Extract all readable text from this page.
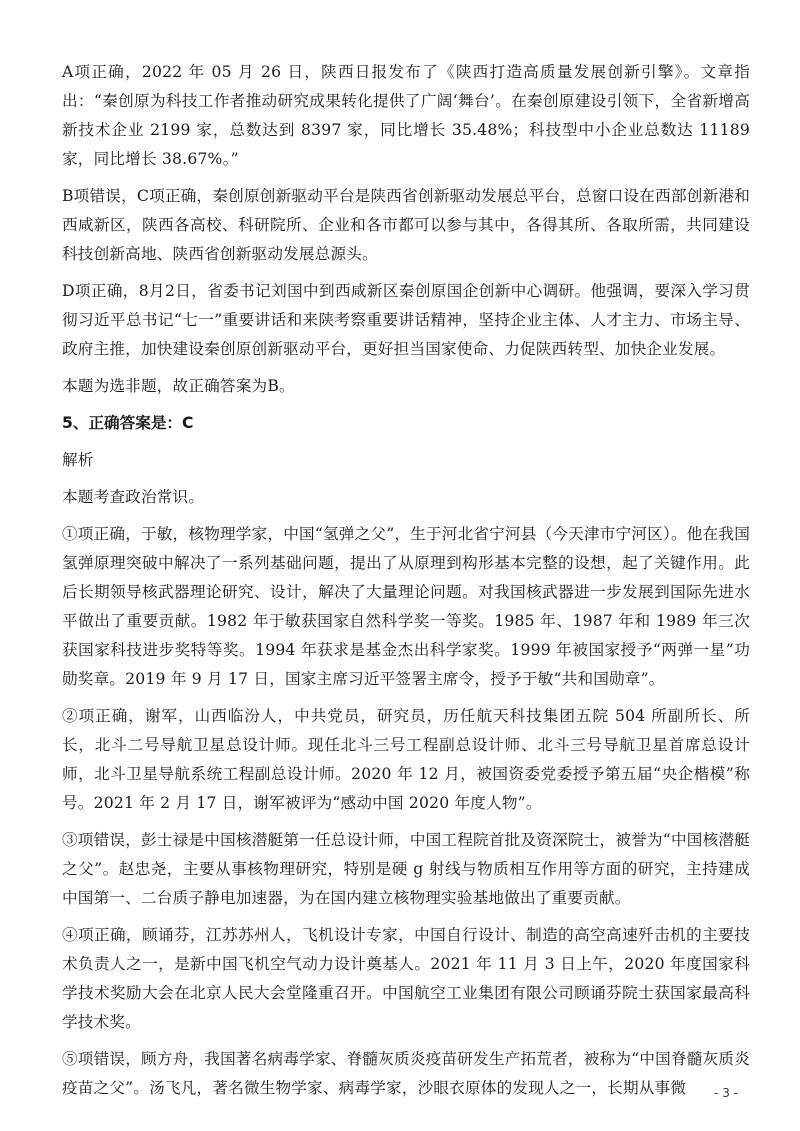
A项正确，2022 年 05 月 26 日，陕西日报发布了《陕西打造高质量发展创新引擎》。文章指出：“秦创原为科技工作者推动研究成果转化提供了广阔‘舞台’。在秦创原建设引领下，全省新增高新技术企业 2199 家，总数达到 8397 家，同比增长 35.48%；科技型中小企业总数达 11189 家，同比增长 38.67%。”

B项错误，C项正确，秦创原创新驱动平台是陕西省创新驱动发展总平台，总窗口设在西部创新港和西咸新区，陕西各高校、科研院所、企业和各市都可以参与其中，各得其所、各取所需，共同建设科技创新高地、陕西省创新驱动发展总源头。

D项正确，8月2日，省委书记刘国中到西咸新区秦创原国企创新中心调研。他强调，要深入学习贯彻习近平总书记“七一”重要讲话和来陕考察重要讲话精神，坚持企业主体、人才主力、市场主导、政府主推，加快建设秦创原创新驱动平台，更好担当国家使命、力促陕西转型、加快企业发展。

本题为选非题，故正确答案为B。

5、正确答案是：C

解析

本题考查政治常识。

①项正确，于敏，核物理学家，中国“氢弹之父”，生于河北省宁河县（今天津市宁河区）。他在我国氢弹原理突破中解决了一系列基础问题，提出了从原理到构形基本完整的设想，起了关键作用。此后长期领导核武器理论研究、设计，解决了大量理论问题。对我国核武器进一步发展到国际先进水平做出了重要贡献。1982 年于敏获国家自然科学奖一等奖。1985 年、1987 年和 1989 年三次获国家科技进步奖特等奖。1994 年获求是基金杰出科学家奖。1999 年被国家授予“两弹一星”功勋奖章。2019 年 9 月 17 日，国家主席习近平签署主席令，授予于敏“共和国勋章”。

②项正确，谢军，山西临汾人，中共党员，研究员，历任航天科技集团五院 504 所副所长、所长，北斗二号导航卫星总设计师。现任北斗三号工程副总设计师、北斗三号导航卫星首席总设计师，北斗卫星导航系统工程副总设计师。2020 年 12 月，被国资委党委授予第五届“央企楷模”称号。2021 年 2 月 17 日，谢军被评为“感动中国 2020 年度人物”。

③项错误，彭士禄是中国核潜艇第一任总设计师，中国工程院首批及资深院士，被誉为“中国核潜艇之父”。赵忠尧，主要从事核物理研究，特别是硬 g 射线与物质相互作用等方面的研究，主持建成中国第一、二台质子静电加速器，为在国内建立核物理实验基地做出了重要贡献。

④项正确，顾诵芬，江苏苏州人，飞机设计专家，中国自行设计、制造的高空高速歼击机的主要技术负责人之一，是新中国飞机空气动力设计奠基人。2021 年 11 月 3 日上午，2020 年度国家科学技术奖励大会在北京人民大会堂隆重召开。中国航空工业集团有限公司顾诵芬院士获国家最高科学技术奖。

⑤项错误，顾方舟，我国著名病毒学家、脊髓灰质炎疫苗研发生产拓荒者，被称为“中国脊髓灰质炎疫苗之父”。汤飞凡，著名微生物学家、病毒学家，沙眼衣原体的发现人之一，长期从事微	- 3 -
